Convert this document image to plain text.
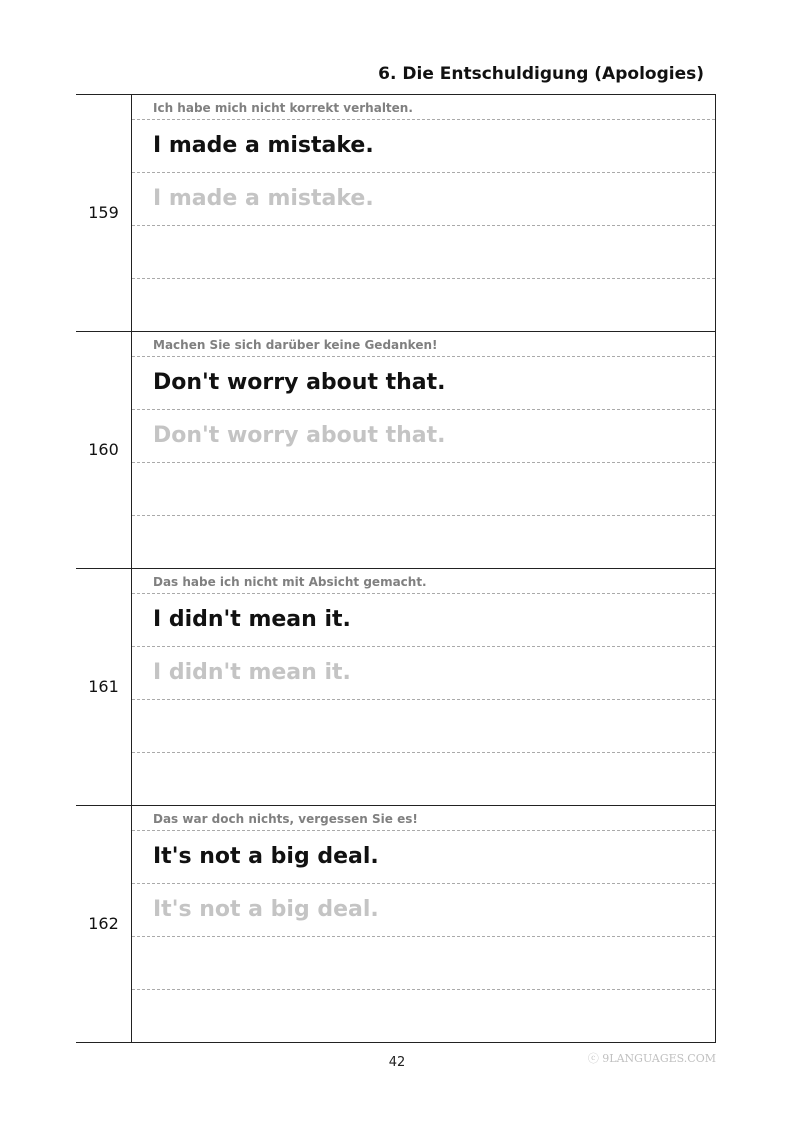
6. Die Entschuldigung (Apologies)
159
Ich habe mich nicht korrekt verhalten.
I made a mistake.
I made a mistake.
160
Machen Sie sich darüber keine Gedanken!
Don't worry about that.
Don't worry about that.
161
Das habe ich nicht mit Absicht gemacht.
I didn't mean it.
I didn't mean it.
162
Das war doch nichts, vergessen Sie es!
It's not a big deal.
It's not a big deal.
42	ⓒ 9LANGUAGES.COM
